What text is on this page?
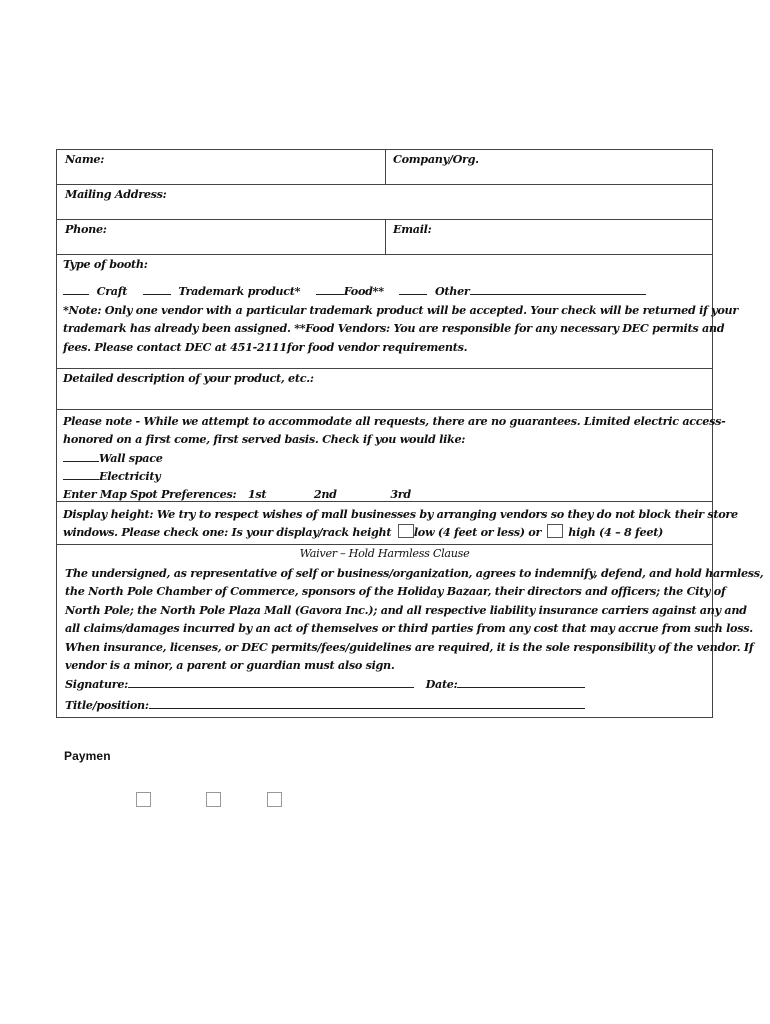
Name:	Company/Org.
Mailing Address:
Phone:	Email:
Type of booth:
Craft	Trademark product*	Food**	Other
*Note: Only one vendor with a particular trademark product will be accepted. Your check will be returned if your
trademark has already been assigned. **Food Vendors: You are responsible for any necessary DEC permits and
fees. Please contact DEC at 451-2111for food vendor requirements.
Detailed description of your product, etc.:
Please note - While we attempt to accommodate all requests, there are no guarantees. Limited electric access-
honored on a first come, first served basis. Check if you would like:
Wall space
Electricity
Enter Map Spot Preferences: 1st	2nd	3rd
Display height: We try to respect wishes of mall businesses by arranging vendors so they do not block their store
windows. Please check one: Is your display/rack height low (4 feet or less) or high (4 – 8 feet)
Waiver – Hold Harmless Clause
The undersigned, as representative of self or business/organization, agrees to indemnify, defend, and hold harmless,
the North Pole Chamber of Commerce, sponsors of the Holiday Bazaar, their directors and officers; the City of
North Pole; the North Pole Plaza Mall (Gavora Inc.); and all respective liability insurance carriers against any and
all claims/damages incurred by an act of themselves or third parties from any cost that may accrue from such loss.
When insurance, licenses, or DEC permits/fees/guidelines are required, it is the sole responsibility of the vendor. If
vendor is a minor, a parent or guardian must also sign.
Signature:	Date:
Title/position:
Paymen
